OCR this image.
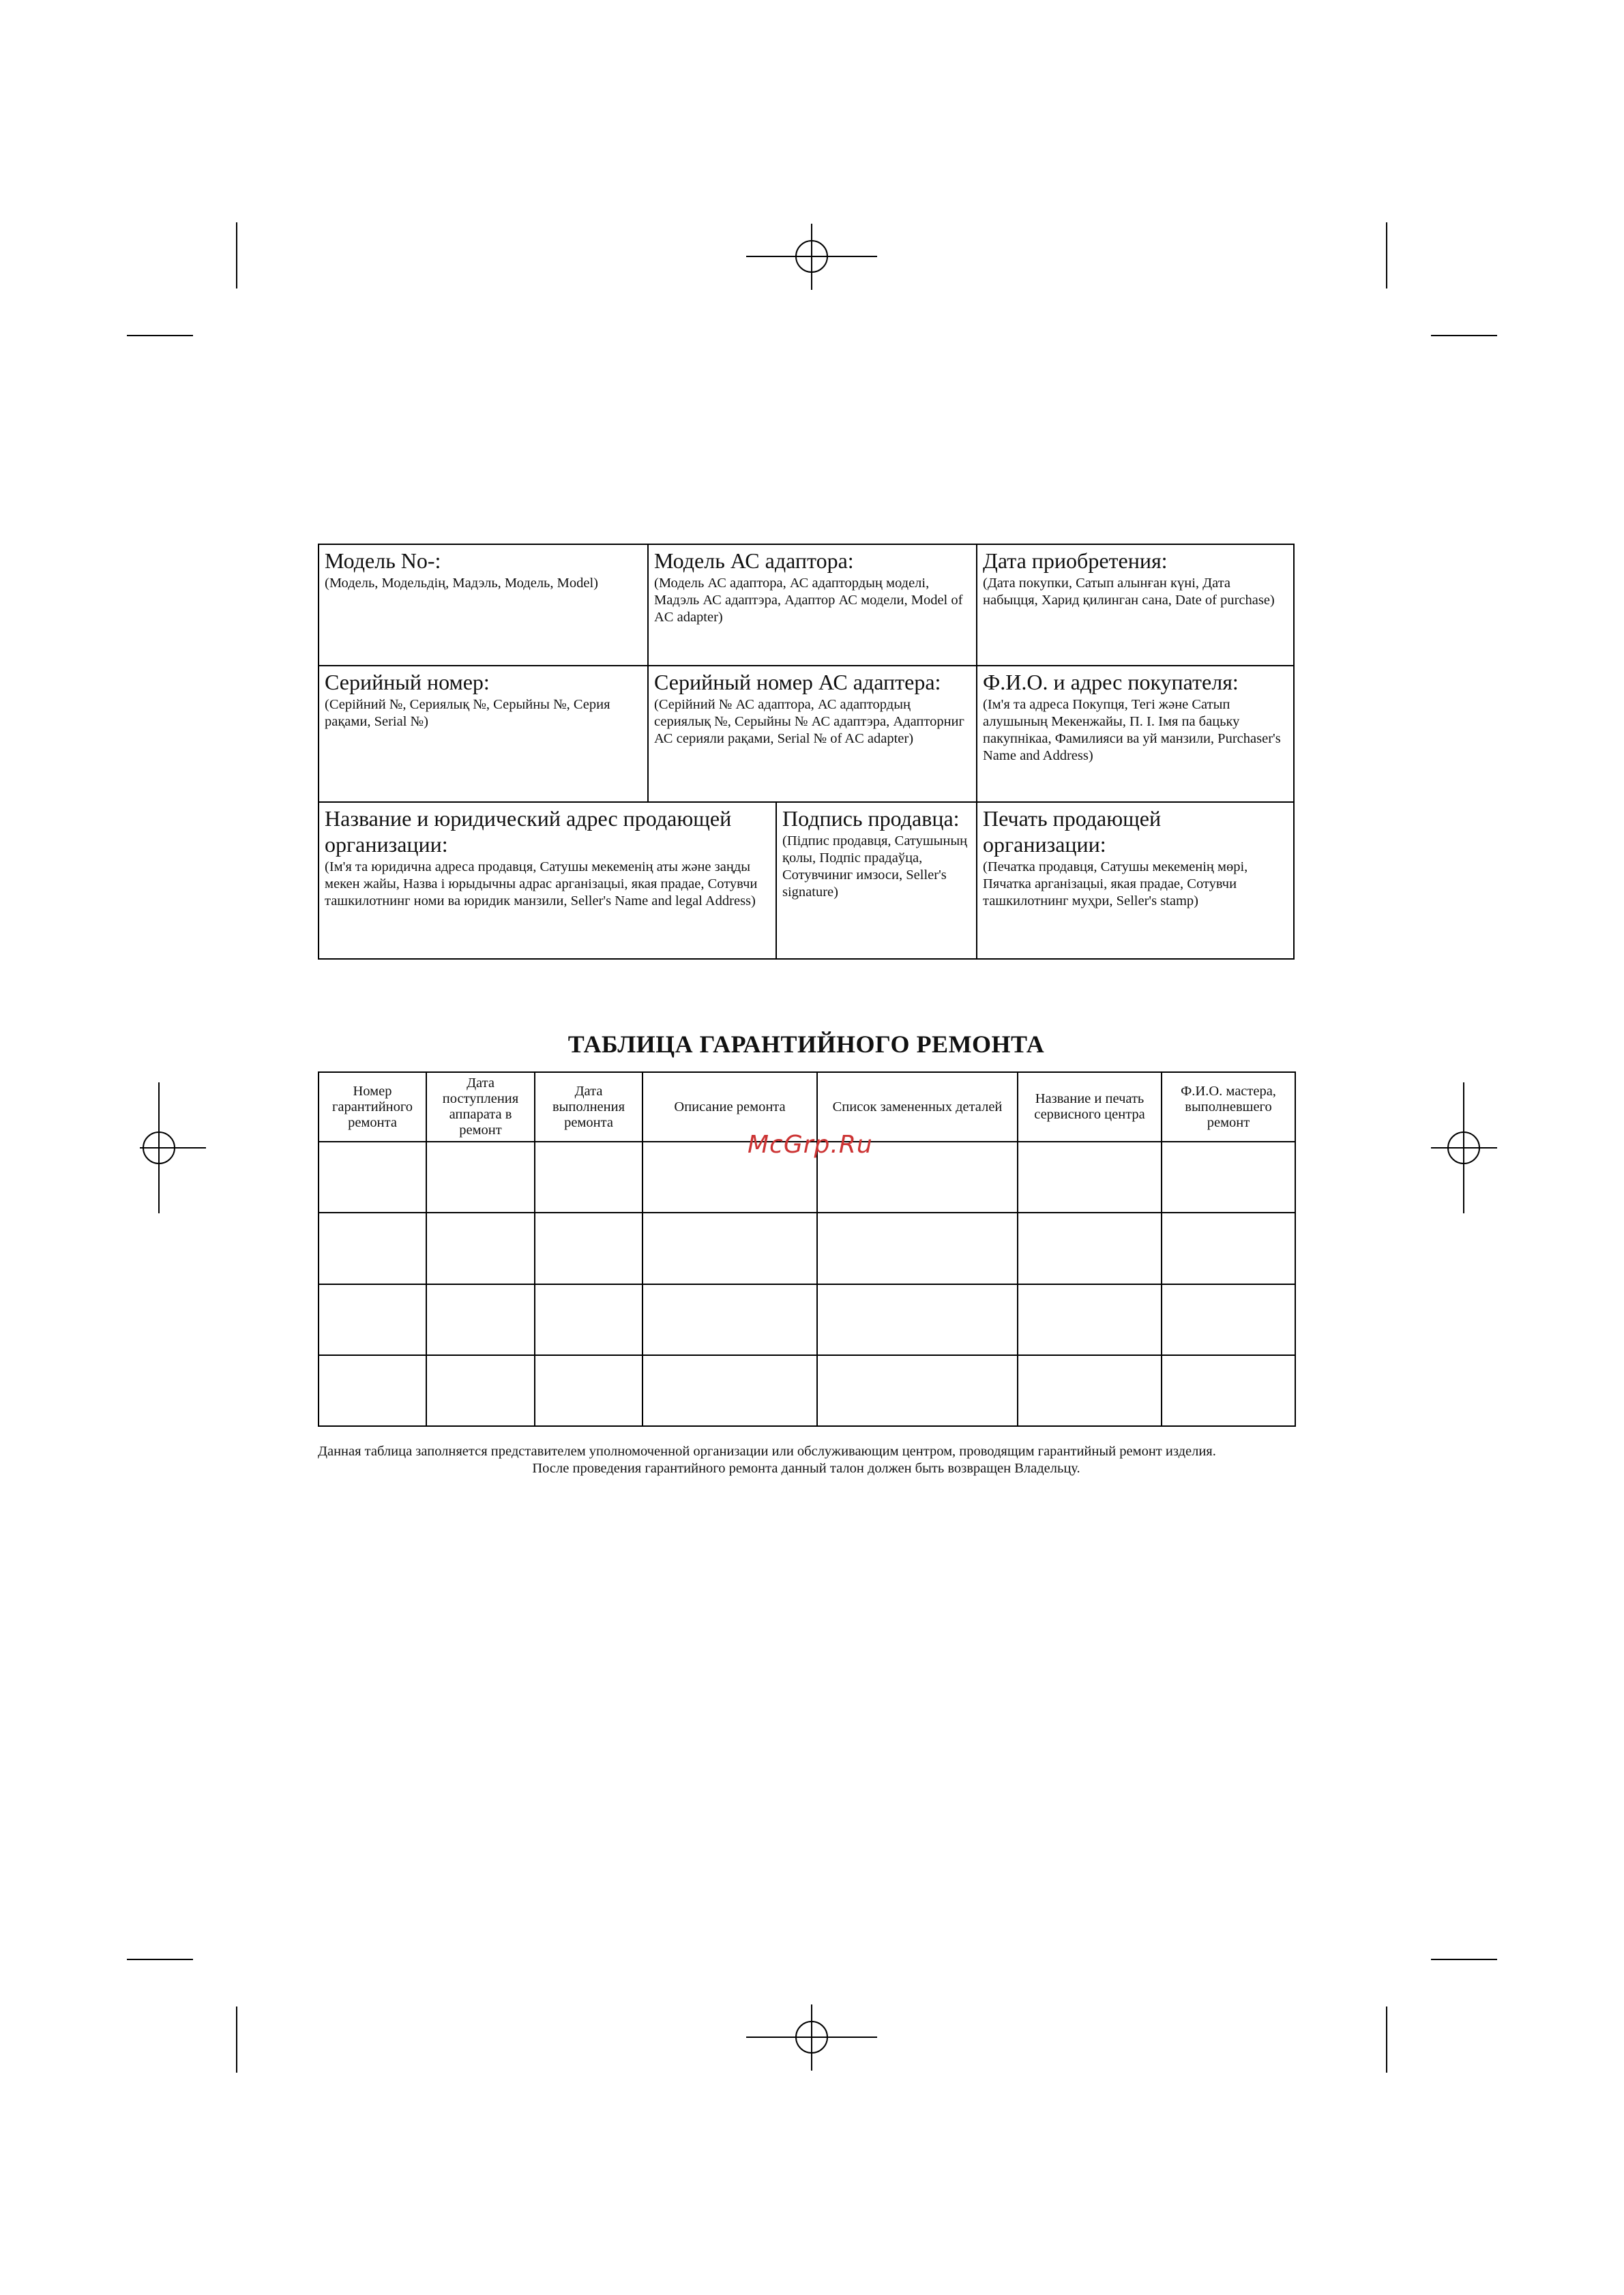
Модель No-:
(Модель, Модельдің, Мадэль, Модель, Model)
Модель АС адаптора:
(Модель АС адаптора, АС адаптордың моделі, Мадэль АС адаптэра, Адаптор АС модели, Model of AC adapter)
Дата приобретения:
(Дата покупки, Сатып алынған күні, Дата набыцця, Харид қилинган сана, Date of purchase)
Серийный номер:
(Серійний №, Сериялық №, Серыйны №, Серия рақами, Serial №)
Серийный номер АС адаптера:
(Серійний № АС адаптора, АС адаптордың сериялық №, Серыйны № АС адаптэра, Адапторниг АС серияли рақами, Serial № of AC adapter)
Ф.И.О. и адрес покупателя:
(Ім'я та адреса Покупця, Тегі және Сатып алушының Мекенжайы, П. І. Імя па бацьку пакупнікаа, Фамилияси ва уй манзили, Purchaser's Name and Address)
Название и юридический адрес продающей организации:
(Ім'я та юридична адреса продавця, Сатушы мекеменің аты және заңды мекен жайы, Назва і юрыдычны адрас арганізацыі, якая прадае, Сотувчи ташкилотнинг номи ва юридик манзили, Seller's Name and legal Address)
Подпись продавца:
(Підпис продавця, Сатушының қолы, Подпіс прадаўца, Сотувчиниг имзоси, Seller's signature)
Печать продающей организации:
(Печатка продавця, Сатушы мекеменің мөрі, Пячатка арганізацыі, якая прадае, Сотувчи ташкилотнинг муҳри, Seller's stamp)
ТАБЛИЦА ГАРАНТИЙНОГО РЕМОНТА
Номер гарантийного ремонта	Дата поступления аппарата в ремонт	Дата выполнения ремонта	Описание ремонта	Список замененных деталей	Название и печать сервисного центра	Ф.И.О. мастера, выполневшего ремонт

McGrp.Ru
Данная таблица заполняется представителем уполномоченной организации или обслуживающим центром, проводящим гарантийный ремонт изделия.
После проведения гарантийного ремонта данный талон должен быть возвращен Владельцу.
